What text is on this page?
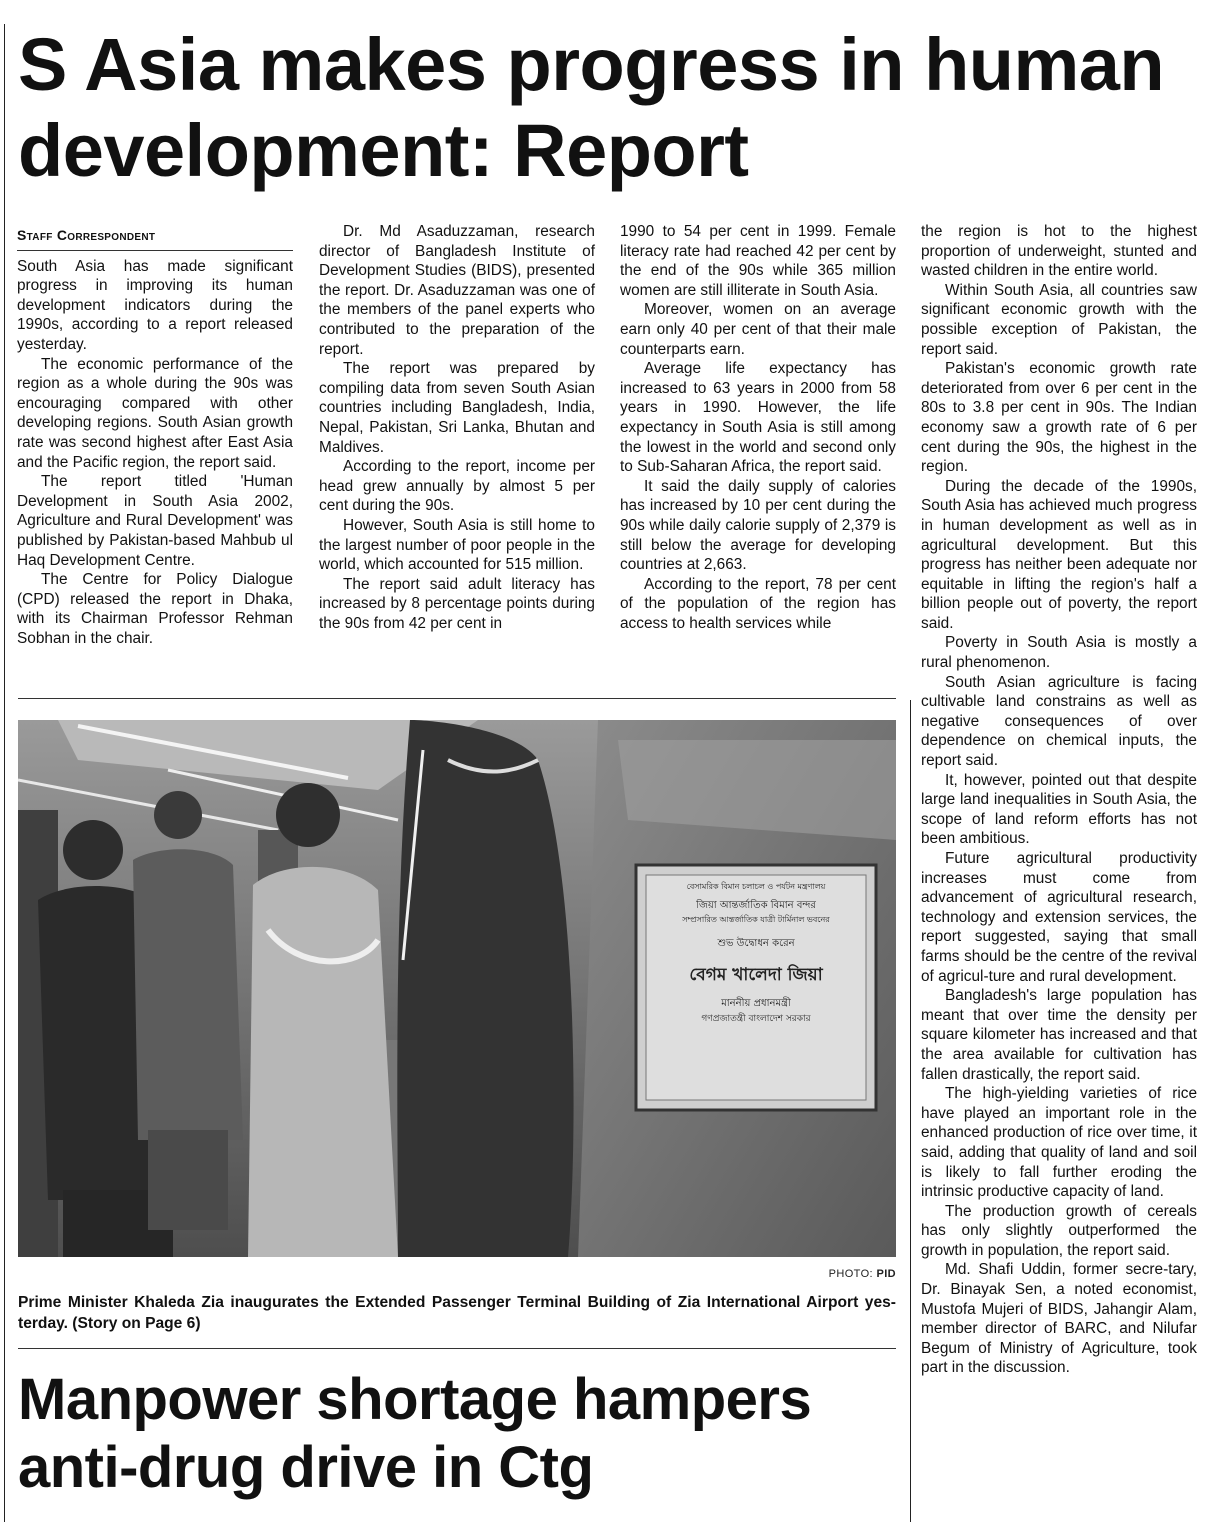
S Asia makes progress in human development: Report
Staff Correspondent

South Asia has made significant progress in improving its human development indicators during the 1990s, according to a report released yesterday.

The economic performance of the region as a whole during the 90s was encouraging compared with other developing regions. South Asian growth rate was second highest after East Asia and the Pacific region, the report said.

The report titled 'Human Development in South Asia 2002, Agriculture and Rural Development' was published by Pakistan-based Mahbub ul Haq Development Centre.

The Centre for Policy Dialogue (CPD) released the report in Dhaka, with its Chairman Professor Rehman Sobhan in the chair.

Dr. Md Asaduzzaman, research director of Bangladesh Institute of Development Studies (BIDS), presented the report. Dr. Asaduzzaman was one of the members of the panel experts who contributed to the preparation of the report.

The report was prepared by compiling data from seven South Asian countries including Bangladesh, India, Nepal, Pakistan, Sri Lanka, Bhutan and Maldives.

According to the report, income per head grew annually by almost 5 per cent during the 90s.

However, South Asia is still home to the largest number of poor people in the world, which accounted for 515 million.

The report said adult literacy has increased by 8 percentage points during the 90s from 42 per cent in

1990 to 54 per cent in 1999. Female literacy rate had reached 42 per cent by the end of the 90s while 365 million women are still illiterate in South Asia.

Moreover, women on an average earn only 40 per cent of that their male counterparts earn.

Average life expectancy has increased to 63 years in 2000 from 58 years in 1990. However, the life expectancy in South Asia is still among the lowest in the world and second only to Sub-Saharan Africa, the report said.

It said the daily supply of calories has increased by 10 per cent during the 90s while daily calorie supply of 2,379 is still below the average for developing countries at 2,663.

According to the report, 78 per cent of the population of the region has access to health services while

the region is hot to the highest proportion of underweight, stunted and wasted children in the entire world.

Within South Asia, all countries saw significant economic growth with the possible exception of Pakistan, the report said.

Pakistan's economic growth rate deteriorated from over 6 per cent in the 80s to 3.8 per cent in 90s. The Indian economy saw a growth rate of 6 per cent during the 90s, the highest in the region.

During the decade of the 1990s, South Asia has achieved much progress in human development as well as in agricultural development. But this progress has neither been adequate nor equitable in lifting the region's half a billion people out of poverty, the report said.

Poverty in South Asia is mostly a rural phenomenon.

South Asian agriculture is facing cultivable land constrains as well as negative consequences of over dependence on chemical inputs, the report said.

It, however, pointed out that despite large land inequalities in South Asia, the scope of land reform efforts has not been ambitious.

Future agricultural productivity increases must come from advancement of agricultural research, technology and extension services, the report suggested, saying that small farms should be the centre of the revival of agricul-ture and rural development.

Bangladesh's large population has meant that over time the density per square kilometer has increased and that the area available for cultivation has fallen drastically, the report said.

The high-yielding varieties of rice have played an important role in the enhanced production of rice over time, it said, adding that quality of land and soil is likely to fall further eroding the intrinsic productive capacity of land.

The production growth of cereals has only slightly outperformed the growth in population, the report said.

Md. Shafi Uddin, former secre-tary, Dr. Binayak Sen, a noted economist, Mustofa Mujeri of BIDS, Jahangir Alam, member director of BARC, and Nilufar Begum of Ministry of Agriculture, took part in the discussion.

বেসামরিক বিমান চলাচল ও পর্যটন মন্ত্রণালয়
জিয়া আন্তর্জাতিক বিমান বন্দর
সম্প্রসারিত আন্তর্জাতিক যাত্রী টার্মিনাল ভবনের
শুভ উদ্বোধন করেন
বেগম খালেদা জিয়া
মাননীয় প্রধানমন্ত্রী
গণপ্রজাতন্ত্রী বাংলাদেশ সরকার
PHOTO: PID
Prime Minister Khaleda Zia inaugurates the Extended Passenger Terminal Building of Zia International Airport yes-terday. (Story on Page 6)
Manpower shortage hampers anti-drug drive in Ctg
